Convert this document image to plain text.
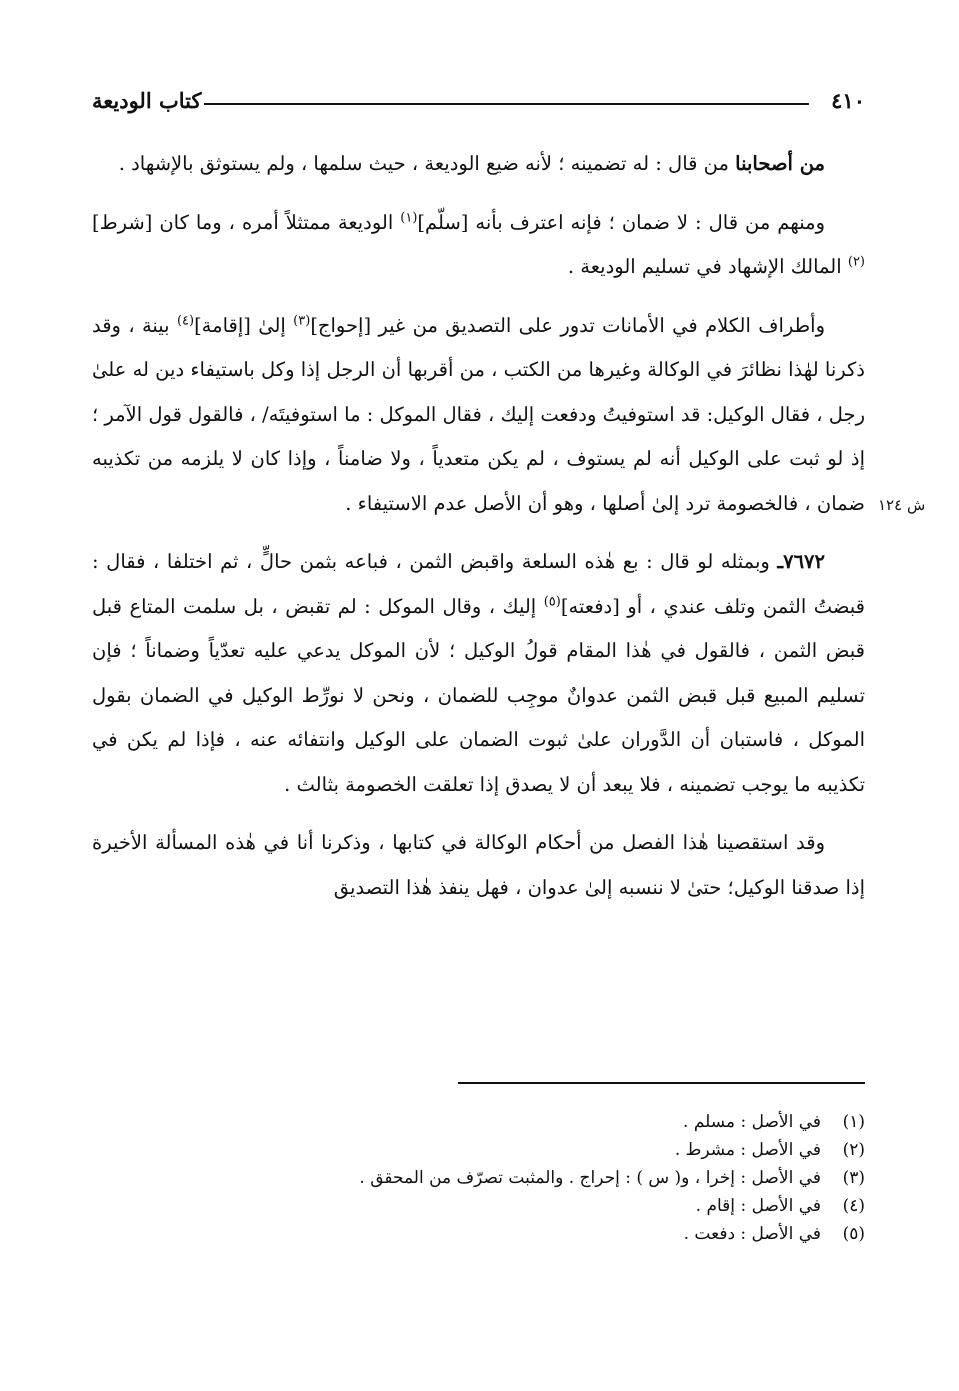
كتاب الوديعة	٤١٠

من أصحابنا من قال : له تضمينه ؛ لأنه ضيع الوديعة ، حيث سلمها ، ولم يستوثق بالإشهاد .

ومنهم من قال : لا ضمان ؛ فإنه اعترف بأنه [سلّم]$^{(١)}$ الوديعة ممتثلاً أمره ، وما كان [شرط]$^{(٢)}$ المالك الإشهاد في تسليم الوديعة .

وأطراف الكلام في الأمانات تدور على التصديق من غير [إحواج]$^{(٣)}$ إلىٰ [إقامة]$^{(٤)}$ بينة ، وقد ذكرنا لهٰذا نظائرَ في الوكالة وغيرها من الكتب ، من أقربها أن الرجل إذا وكل باستيفاء دين له علىٰ رجل ، فقال الوكيل: قد استوفيتُ ودفعت إليك ، فقال الموكل : ما استوفيتَه/ ، فالقول قول الآمر ؛ إذ لو ثبت على الوكيل أنه لم يستوف ، لم يكن متعدياً ، ولا ضامناً ، وإذا كان لا يلزمه من تكذيبه ضمان ، فالخصومة ترد إلىٰ أصلها ، وهو أن الأصل عدم الاستيفاء .

٧٦٧٢ـ وبمثله لو قال : بع هٰذه السلعة واقبض الثمن ، فباعه بثمن حالٍّ ، ثم اختلفا ، فقال : قبضتُ الثمن وتلف عندي ، أو [دفعته]$^{(٥)}$ إليك ، وقال الموكل : لم تقبض ، بل سلمت المتاع قبل قبض الثمن ، فالقول في هٰذا المقام قولُ الوكيل ؛ لأن الموكل يدعي عليه تعدّياً وضماناً ؛ فإن تسليم المبيع قبل قبض الثمن عدوانٌ موجِب للضمان ، ونحن لا نورِّط الوكيل في الضمان بقول الموكل ، فاستبان أن الدَّوران علىٰ ثبوت الضمان على الوكيل وانتفائه عنه ، فإذا لم يكن في تكذيبه ما يوجب تضمينه ، فلا يبعد أن لا يصدق إذا تعلقت الخصومة بثالث .

وقد استقصينا هٰذا الفصل من أحكام الوكالة في كتابها ، وذكرنا أنا في هٰذه المسألة الأخيرة إذا صدقنا الوكيل؛ حتىٰ لا ننسبه إلىٰ عدوان ، فهل ينفذ هٰذا التصديق

ش ١٢٤
(١)في الأصل : مسلم .
(٢)في الأصل : مشرط .
(٣)في الأصل : إخرا ، و( س ) : إحراج . والمثبت تصرّف من المحقق .
(٤)في الأصل : إقام .
(٥)في الأصل : دفعت .
